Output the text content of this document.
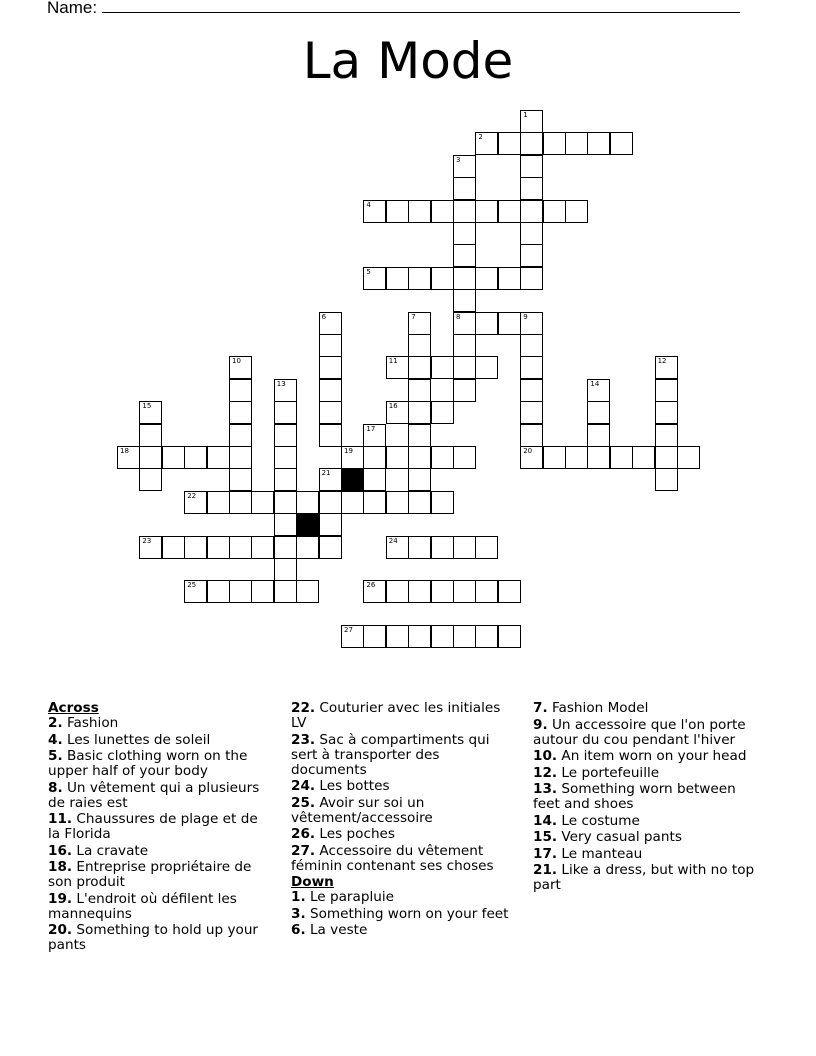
Name:
La Mode
1
2
3
8
4
5
6	7	9
20
10	11	12
13	14
15	16
17
18	19
21
22
23	24
25	26
27
Across
2. Fashion
4. Les lunettes de soleil
5. Basic clothing worn on the upper half of your body
8. Un vêtement qui a plusieurs de raies est
11. Chaussures de plage et de la Florida
16. La cravate
18. Entreprise propriétaire de son produit
19. L'endroit où défilent les mannequins
20. Something to hold up your pants
22. Couturier avec les initiales LV
23. Sac à compartiments qui sert à transporter des documents
24. Les bottes
25. Avoir sur soi un vêtement/accessoire
26. Les poches
27. Accessoire du vêtement féminin contenant ses choses
Down
1. Le parapluie
3. Something worn on your feet
6. La veste
7. Fashion Model
9. Un accessoire que l'on porte autour du cou pendant l'hiver
10. An item worn on your head
12. Le portefeuille
13. Something worn between feet and shoes
14. Le costume
15. Very casual pants
17. Le manteau
21. Like a dress, but with no top part
